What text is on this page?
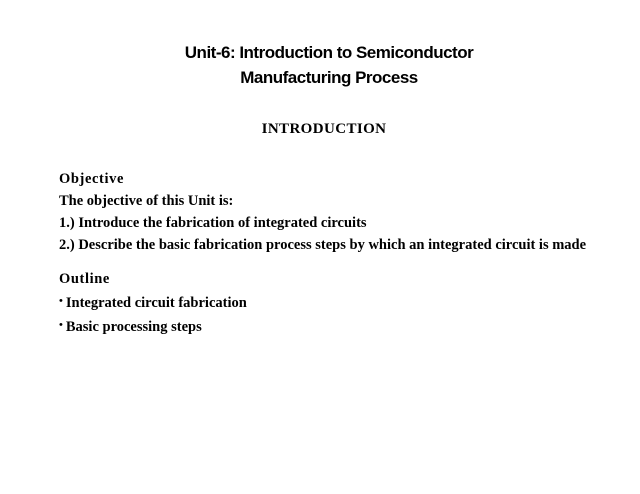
Unit-6: Introduction to Semiconductor
Manufacturing Process
INTRODUCTION
Objective
The objective of this Unit is:
1.) Introduce the fabrication of integrated circuits
2.) Describe the basic fabrication process steps by which an integrated circuit is made
Outline
• Integrated circuit fabrication
• Basic processing steps
